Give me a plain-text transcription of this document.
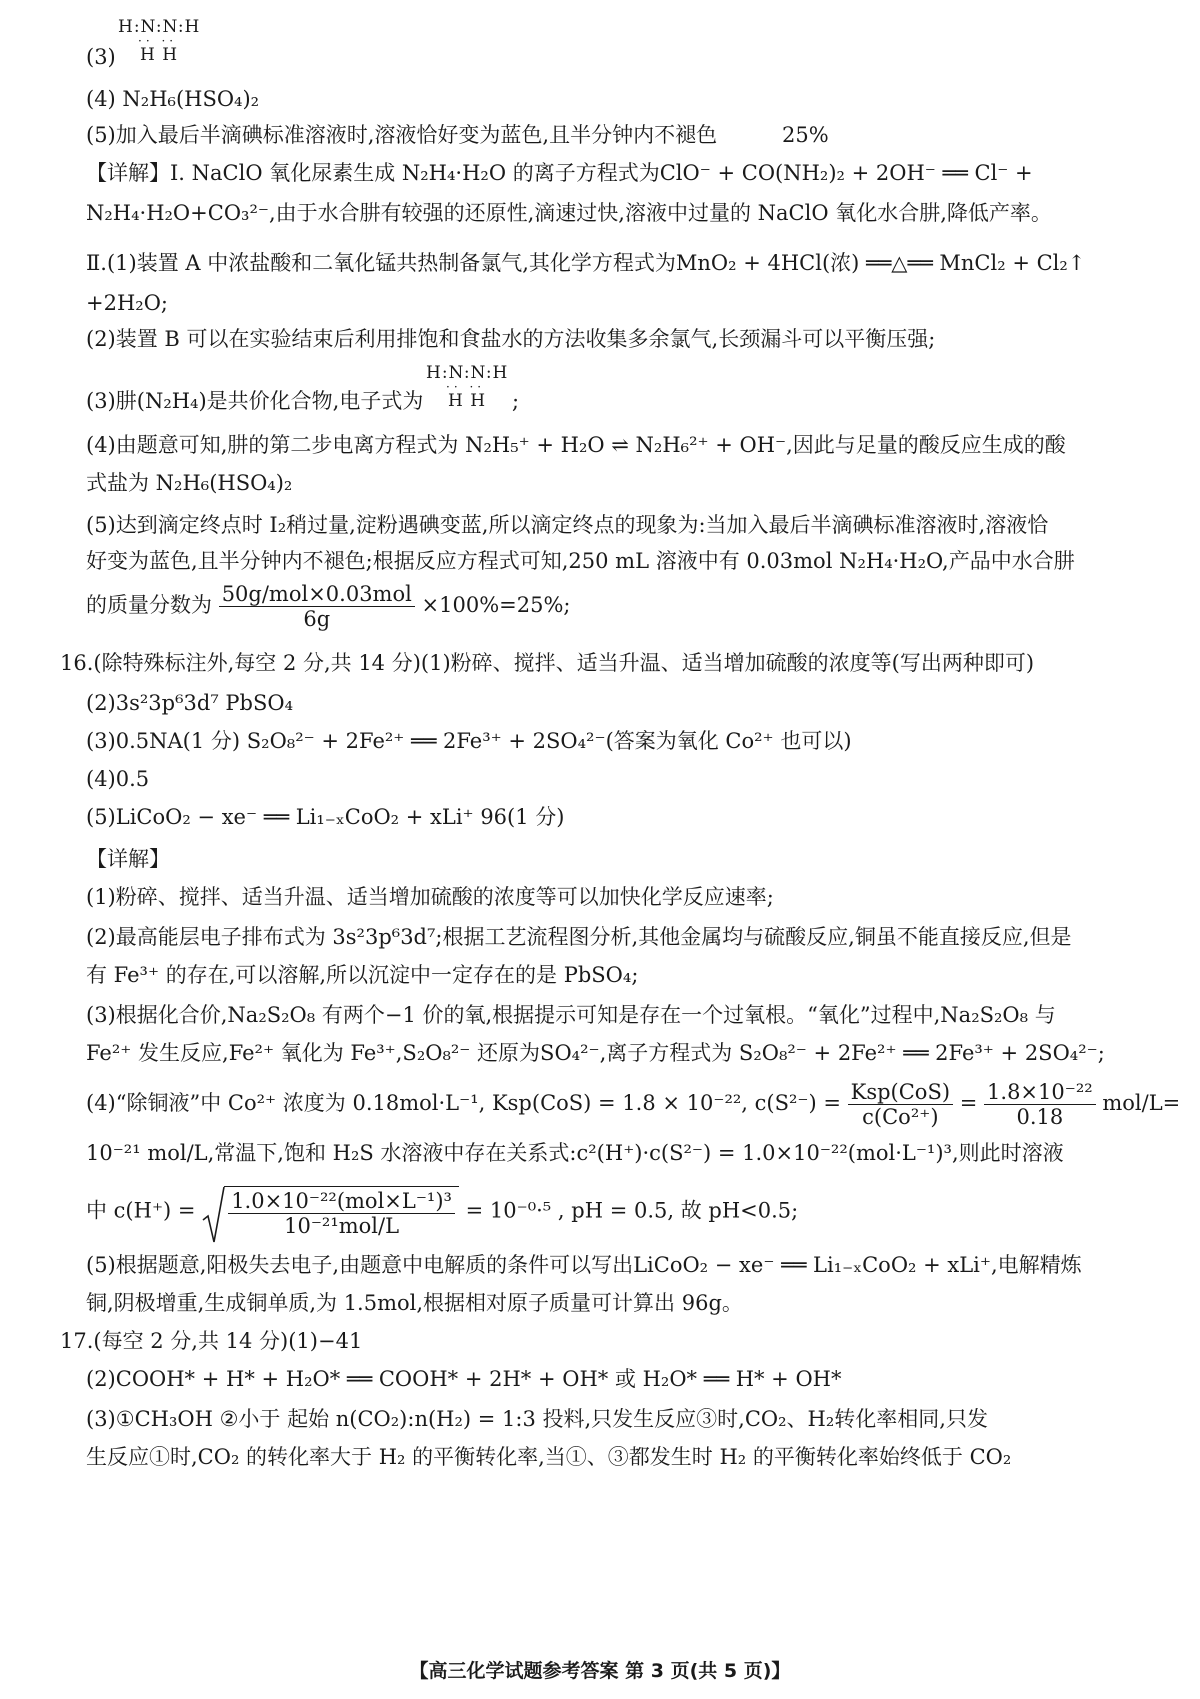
H:N:N:H
·· ··
H H
(3)
(4) N₂H₆(HSO₄)₂
(5)加入最后半滴碘标准溶液时,溶液恰好变为蓝色,且半分钟内不褪色	25%
【详解】Ⅰ. NaClO 氧化尿素生成 N₂H₄·H₂O 的离子方程式为ClO⁻ + CO(NH₂)₂ + 2OH⁻ ══ Cl⁻ +
N₂H₄·H₂O+CO₃²⁻,由于水合肼有较强的还原性,滴速过快,溶液中过量的 NaClO 氧化水合肼,降低产率。
Ⅱ.(1)装置 A 中浓盐酸和二氧化锰共热制备氯气,其化学方程式为MnO₂ + 4HCl(浓) ══△══ MnCl₂ + Cl₂↑
+2H₂O;
(2)装置 B 可以在实验结束后利用排饱和食盐水的方法收集多余氯气,长颈漏斗可以平衡压强;
H:N:N:H
·· ··
H H
(3)肼(N₂H₄)是共价化合物,电子式为	;
(4)由题意可知,肼的第二步电离方程式为 N₂H₅⁺ + H₂O ⇌ N₂H₆²⁺ + OH⁻,因此与足量的酸反应生成的酸
式盐为 N₂H₆(HSO₄)₂
(5)达到滴定终点时 I₂稍过量,淀粉遇碘变蓝,所以滴定终点的现象为:当加入最后半滴碘标准溶液时,溶液恰
好变为蓝色,且半分钟内不褪色;根据反应方程式可知,250 mL 溶液中有 0.03mol N₂H₄·H₂O,产品中水合肼
的质量分数为 $\frac{\text{50g/mol×0.03mol}}{6g} \times 100\%=25\%$;
16.(除特殊标注外,每空 2 分,共 14 分)(1)粉碎、搅拌、适当升温、适当增加硫酸的浓度等(写出两种即可)
(2)3s²3p⁶3d⁷ PbSO₄
(3)0.5NA(1 分) S₂O₈²⁻ + 2Fe²⁺ ══ 2Fe³⁺ + 2SO₄²⁻(答案为氧化 Co²⁺ 也可以)
(4)0.5
(5)LiCoO₂ − xe⁻ ══ Li₁₋ₓCoO₂ + xLi⁺ 96(1 分)
【详解】
(1)粉碎、搅拌、适当升温、适当增加硫酸的浓度等可以加快化学反应速率;
(2)最高能层电子排布式为 3s²3p⁶3d⁷;根据工艺流程图分析,其他金属均与硫酸反应,铜虽不能直接反应,但是
有 Fe³⁺ 的存在,可以溶解,所以沉淀中一定存在的是 PbSO₄;
(3)根据化合价,Na₂S₂O₈ 有两个−1 价的氧,根据提示可知是存在一个过氧根。“氧化”过程中,Na₂S₂O₈ 与
Fe²⁺ 发生反应,Fe²⁺ 氧化为 Fe³⁺,S₂O₈²⁻ 还原为SO₄²⁻,离子方程式为 S₂O₈²⁻ + 2Fe²⁺ ══ 2Fe³⁺ + 2SO₄²⁻;
(4)“除铜液”中 Co²⁺ 浓度为 0.18mol·L⁻¹, Ksp(CoS) = 1.8 × 10⁻²², $c(S^{2-}) = \frac{\text{Ksp(CoS)}}{\text{c(Co²⁺)}} = \frac{\text{1.8×10⁻²²}}{0.18} mol/L=$
10⁻²¹ mol/L,常温下,饱和 H₂S 水溶液中存在关系式:c²(H⁺)·c(S²⁻) = 1.0×10⁻²²(mol·L⁻¹)³,则此时溶液
中 $c(H^+) = \frac{\text{1.0×10⁻²²(mol×L⁻¹)³}}{\text{10⁻²¹mol/L}} = 10^{-0}\cdot^5$ , pH = 0.5, 故 pH<0.5;
(5)根据题意,阳极失去电子,由题意中电解质的条件可以写出LiCoO₂ − xe⁻ ══ Li₁₋ₓCoO₂ + xLi⁺,电解精炼
铜,阴极增重,生成铜单质,为 1.5mol,根据相对原子质量可计算出 96g。
17.(每空 2 分,共 14 分)(1)−41
(2)COOH* + H* + H₂O* ══ COOH* + 2H* + OH* 或 H₂O* ══ H* + OH*
(3)①CH₃OH ②小于 起始 n(CO₂):n(H₂) = 1:3 投料,只发生反应③时,CO₂、H₂转化率相同,只发
生反应①时,CO₂ 的转化率大于 H₂ 的平衡转化率,当①、③都发生时 H₂ 的平衡转化率始终低于 CO₂
【高三化学试题参考答案 第 3 页(共 5 页)】
